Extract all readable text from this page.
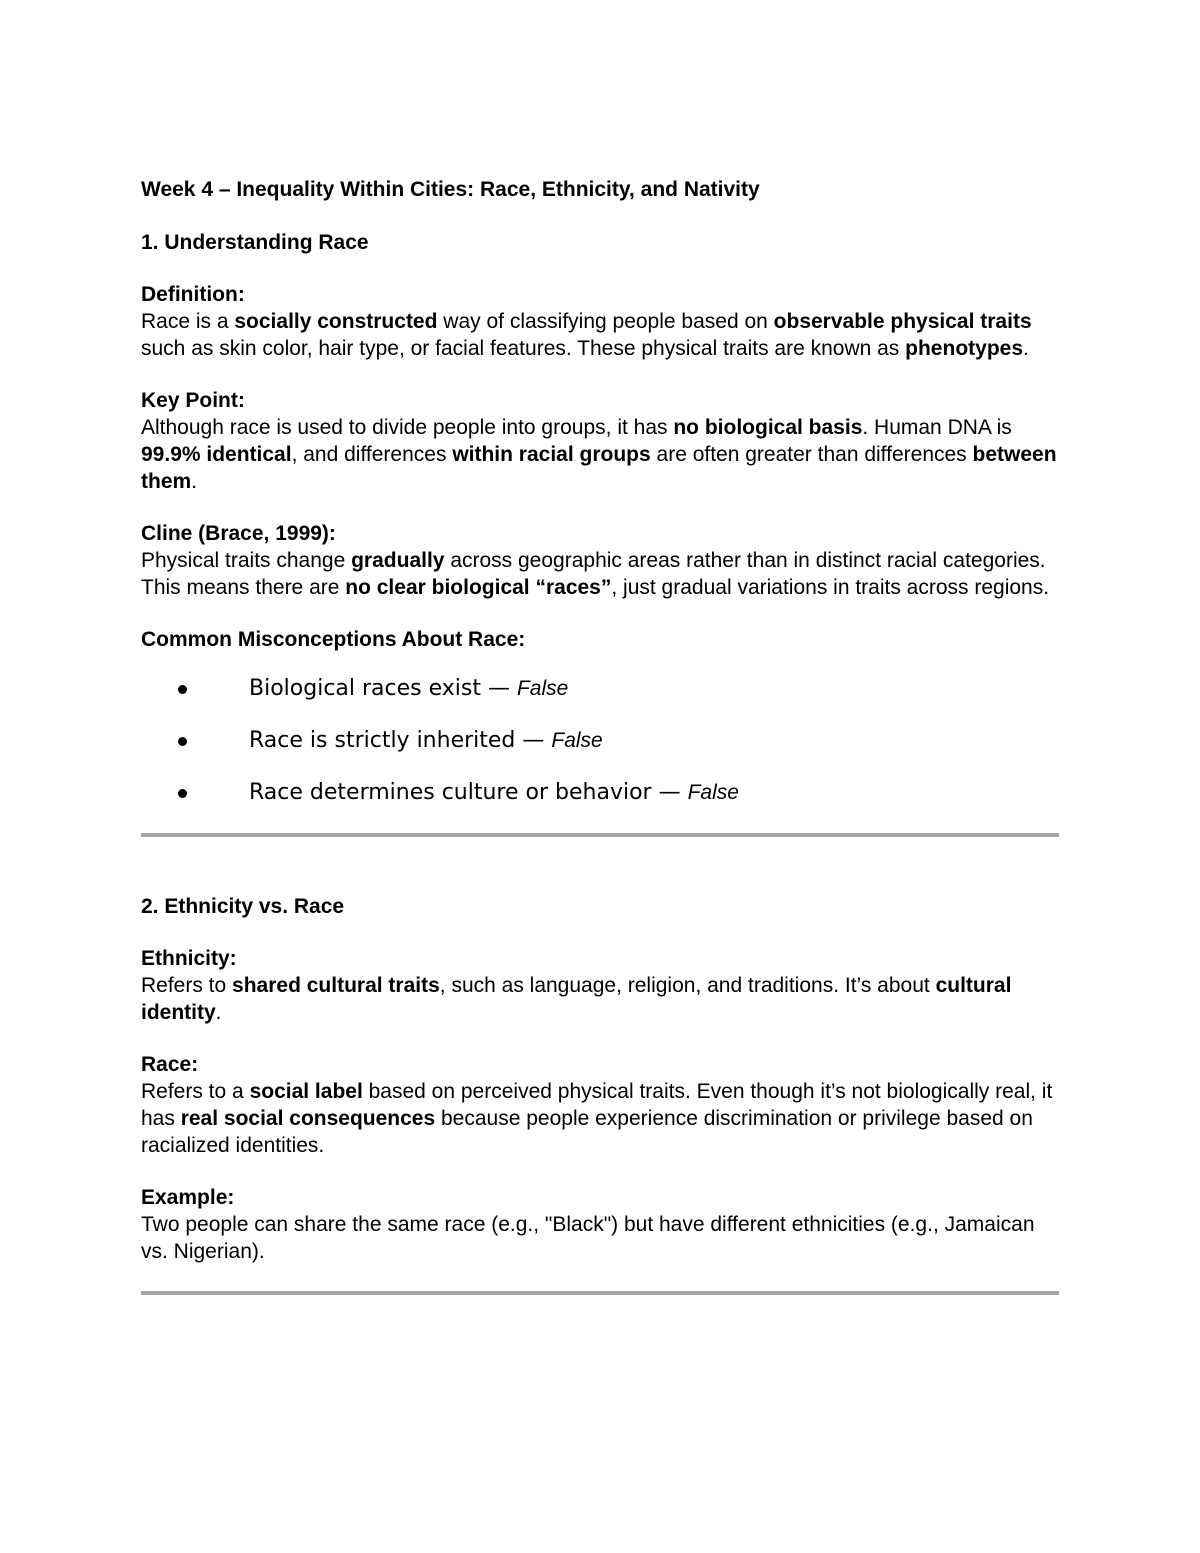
Week 4 – Inequality Within Cities: Race, Ethnicity, and Nativity

1. Understanding Race

Definition:

Race is a socially constructed way of classifying people based on observable physical traits such as skin color, hair type, or facial features. These physical traits are known as phenotypes.

Key Point:

Although race is used to divide people into groups, it has no biological basis. Human DNA is 99.9% identical, and differences within racial groups are often greater than differences between them.

Cline (Brace, 1999):

Physical traits change gradually across geographic areas rather than in distinct racial categories. This means there are no clear biological “races”, just gradual variations in traits across regions.

Common Misconceptions About Race:

Biological races exist — False
Race is strictly inherited — False
Race determines culture or behavior — False

2. Ethnicity vs. Race

Ethnicity:

Refers to shared cultural traits, such as language, religion, and traditions. It’s about cultural identity.

Race:

Refers to a social label based on perceived physical traits. Even though it’s not biologically real, it has real social consequences because people experience discrimination or privilege based on racialized identities.

Example:

Two people can share the same race (e.g., "Black") but have different ethnicities (e.g., Jamaican vs. Nigerian).
